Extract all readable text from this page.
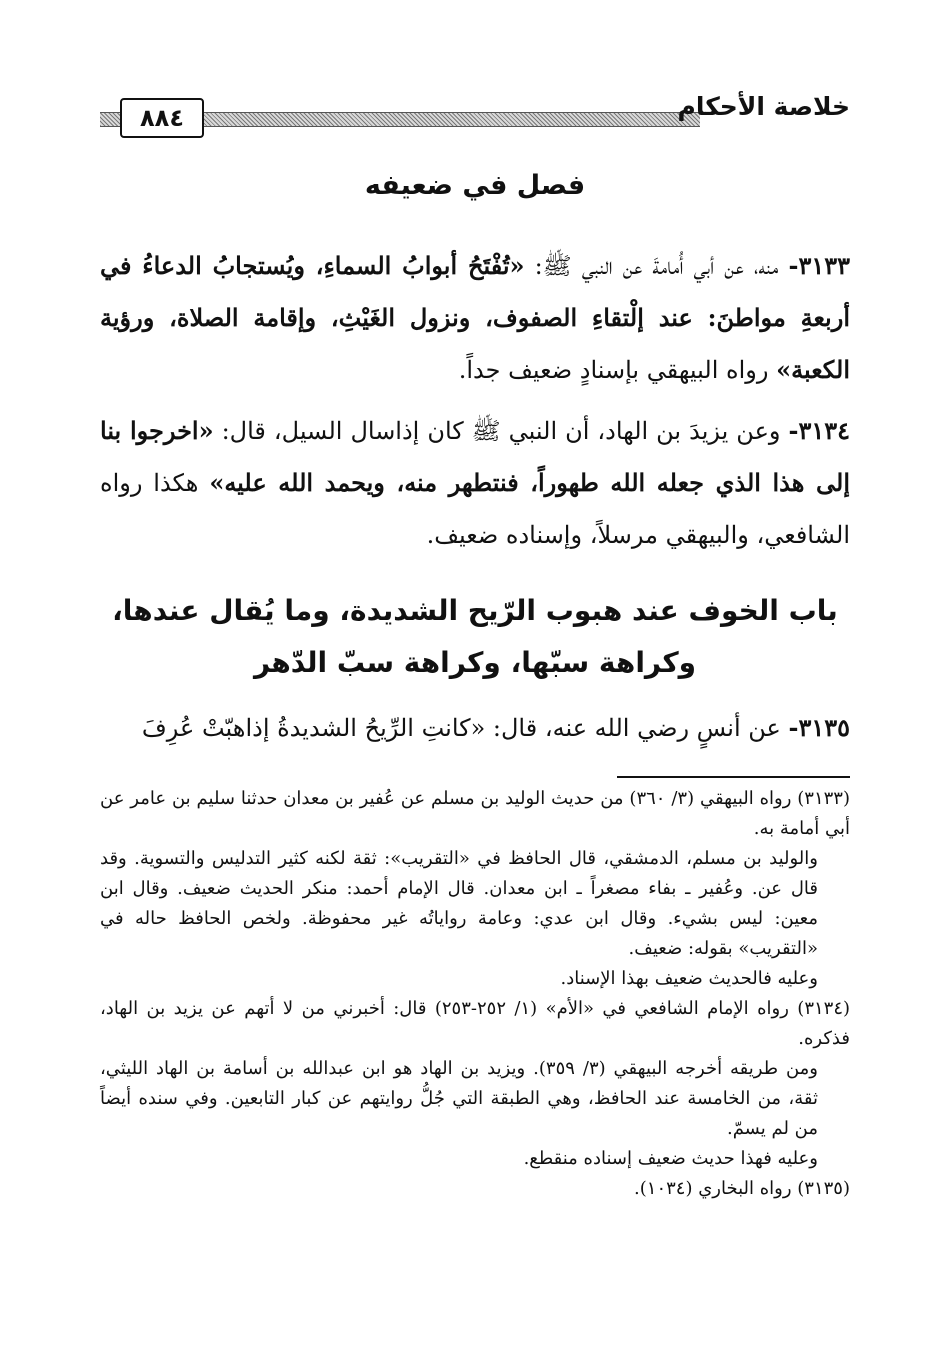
٨٨٤	خلاصة الأحكام
فصل في ضعيفه

٣١٣٣- منه، عن أبي أُمامةَ عن النبي ﷺ: «تُفْتَحُ أبوابُ السماءِ، ويُستجابُ الدعاءُ في أربعةِ مواطنَ: عند إلْتقاءِ الصفوف، ونزول الغَيْثِ، وإقامة الصلاة، ورؤية الكعبة» رواه البيهقي بإسنادٍ ضعيف جداً.

٣١٣٤- وعن يزيدَ بن الهاد، أن النبي ﷺ كان إذاسال السيل، قال: «اخرجوا بنا إلى هذا الذي جعله الله طهوراً، فنتطهر منه، ويحمد الله عليه» هكذا رواه الشافعي، والبيهقي مرسلاً، وإسناده ضعيف.

باب الخوف عند هبوب الرّيح الشديدة، وما يُقال عندها،
وكراهة سبّها، وكراهة سبّ الدّهر

٣١٣٥- عن أنسٍ رضي الله عنه، قال: «كانتِ الرِّيحُ الشديدةُ إذاهبّتْ عُرِفَ

(٣١٣٣) رواه البيهقي (٣/ ٣٦٠) من حديث الوليد بن مسلم عن عُفير بن معدان حدثنا سليم بن عامر عن أبي أمامة به.

والوليد بن مسلم، الدمشقي، قال الحافظ في «التقريب»: ثقة لكنه كثير التدليس والتسوية. وقد قال عن. وعُفير ـ بفاء مصغراً ـ ابن معدان. قال الإمام أحمد: منكر الحديث ضعيف. وقال ابن معين: ليس بشيء. وقال ابن عدي: وعامة رواياتُه غير محفوظة. ولخص الحافظ حاله في «التقريب» بقوله: ضعيف.

وعليه فالحديث ضعيف بهذا الإسناد.

(٣١٣٤) رواه الإمام الشافعي في «الأم» (١/ ٢٥٢-٢٥٣) قال: أخبرني من لا أتهم عن يزيد بن الهاد، فذكره.

ومن طريقه أخرجه البيهقي (٣/ ٣٥٩). ويزيد بن الهاد هو ابن عبدالله بن أسامة بن الهاد الليثي، ثقة، من الخامسة عند الحافظ، وهي الطبقة التي جُلُّ روايتهم عن كبار التابعين. وفي سنده أيضاً من لم يسمّ.

وعليه فهذا حديث ضعيف إسناده منقطع.

(٣١٣٥) رواه البخاري (١٠٣٤).
